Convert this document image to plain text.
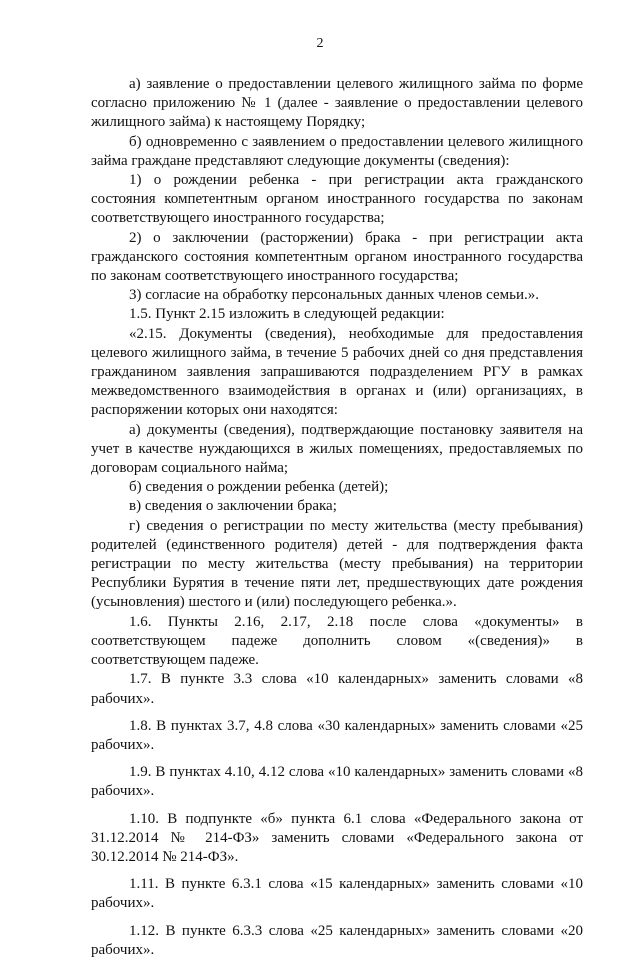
2

а) заявление о предоставлении целевого жилищного займа по форме согласно приложению № 1 (далее - заявление о предоставлении целевого жилищного займа) к настоящему Порядку;

б) одновременно с заявлением о предоставлении целевого жилищного займа граждане представляют следующие документы (сведения):

1) о рождении ребенка - при регистрации акта гражданского состояния компетентным органом иностранного государства по законам соответствующего иностранного государства;

2) о заключении (расторжении) брака - при регистрации акта гражданского состояния компетентным органом иностранного государства по законам соответствующего иностранного государства;

3) согласие на обработку персональных данных членов семьи.».

1.5. Пункт 2.15 изложить в следующей редакции:

«2.15. Документы (сведения), необходимые для предоставления целевого жилищного займа, в течение 5 рабочих дней со дня представления гражданином заявления запрашиваются подразделением РГУ в рамках межведомственного взаимодействия в органах и (или) организациях, в распоряжении которых они находятся:

а) документы (сведения), подтверждающие постановку заявителя на учет в качестве нуждающихся в жилых помещениях, предоставляемых по договорам социального найма;

б) сведения о рождении ребенка (детей);

в) сведения о заключении брака;

г) сведения о регистрации по месту жительства (месту пребывания) родителей (единственного родителя) детей - для подтверждения факта регистрации по месту жительства (месту пребывания) на территории Республики Бурятия в течение пяти лет, предшествующих дате рождения (усыновления) шестого и (или) последующего ребенка.».

1.6. Пункты 2.16, 2.17, 2.18 после слова «документы» в соответствующем падеже дополнить словом «(сведения)» в соответствующем падеже.

1.7. В пункте 3.3 слова «10 календарных» заменить словами «8 рабочих».

1.8. В пунктах 3.7, 4.8 слова «30 календарных» заменить словами «25 рабочих».

1.9. В пунктах 4.10, 4.12 слова «10 календарных» заменить словами «8 рабочих».

1.10. В подпункте «б» пункта 6.1 слова «Федерального закона от 31.12.2014 № 214-ФЗ» заменить словами «Федерального закона от 30.12.2014 № 214-ФЗ».

1.11. В пункте 6.3.1 слова «15 календарных» заменить словами «10 рабочих».

1.12. В пункте 6.3.3 слова «25 календарных» заменить словами «20 рабочих».
